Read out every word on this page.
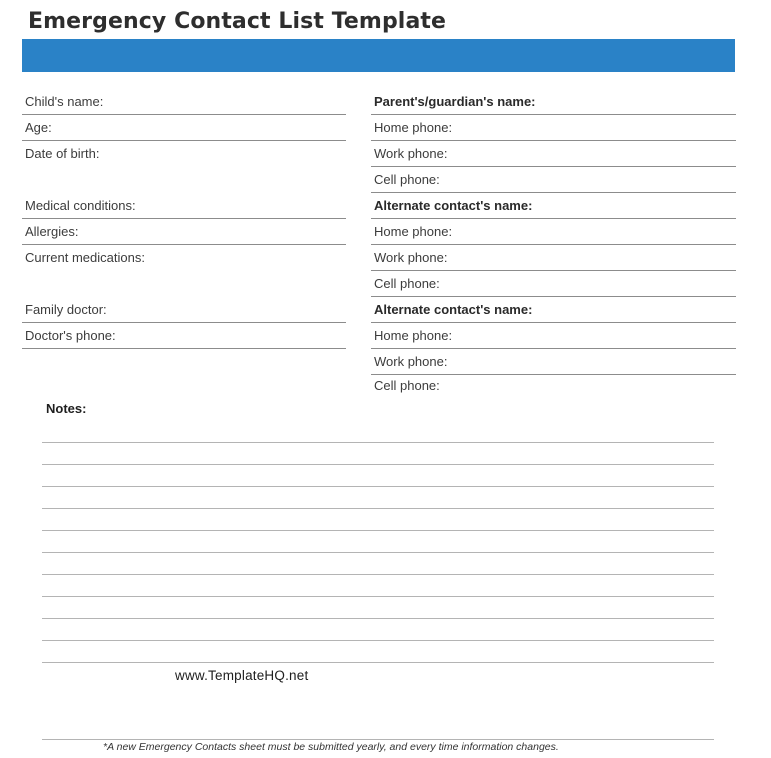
Emergency Contact List Template
Child's name:
Age:
Date of birth:
Medical conditions:
Allergies:
Current medications:
Family doctor:
Doctor's phone:
Parent's/guardian's name:
Home phone:
Work phone:
Cell phone:
Alternate contact's name:
Home phone:
Work phone:
Cell phone:
Alternate contact's name:
Home phone:
Work phone:
Cell phone:
Notes:
www.TemplateHQ.net
*A new Emergency Contacts sheet must be submitted yearly, and every time information changes.
